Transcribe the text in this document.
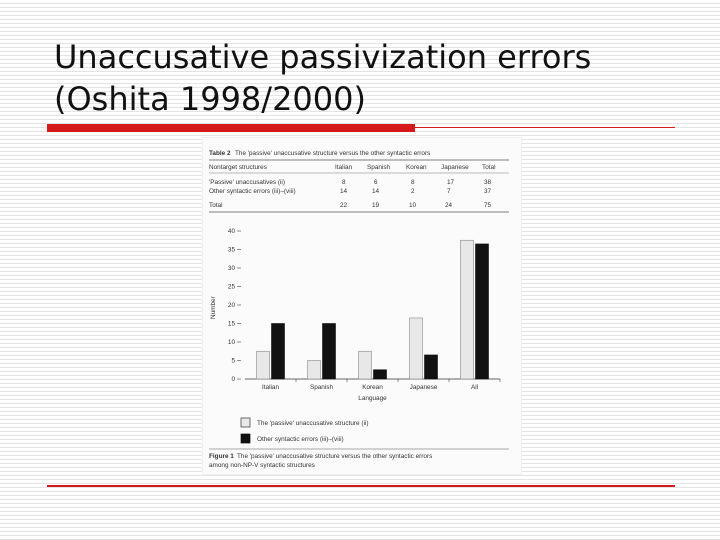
Unaccusative passivization errors
(Oshita 1998/2000)
Table 2 The 'passive' unaccusative structure versus the other syntactic errors
Nontarget structures	Italian Spanish Korean Japanese Total
'Passive' unaccusatives (ii)	8	6	8	17	38
Other syntactic errors (iii)–(viii)	14	14	2	7	37
Total	22	19	10	24	75
0
5
10
15
20
25
30
35
40
Number
Italian	Spanish	Korean	Japanese	All
Language
The 'passive' unaccusative structure (ii)
Other syntactic errors (iii)–(viii)
Figure 1 The 'passive' unaccusative structure versus the other syntactic errors
among non-NP-V syntactic structures
